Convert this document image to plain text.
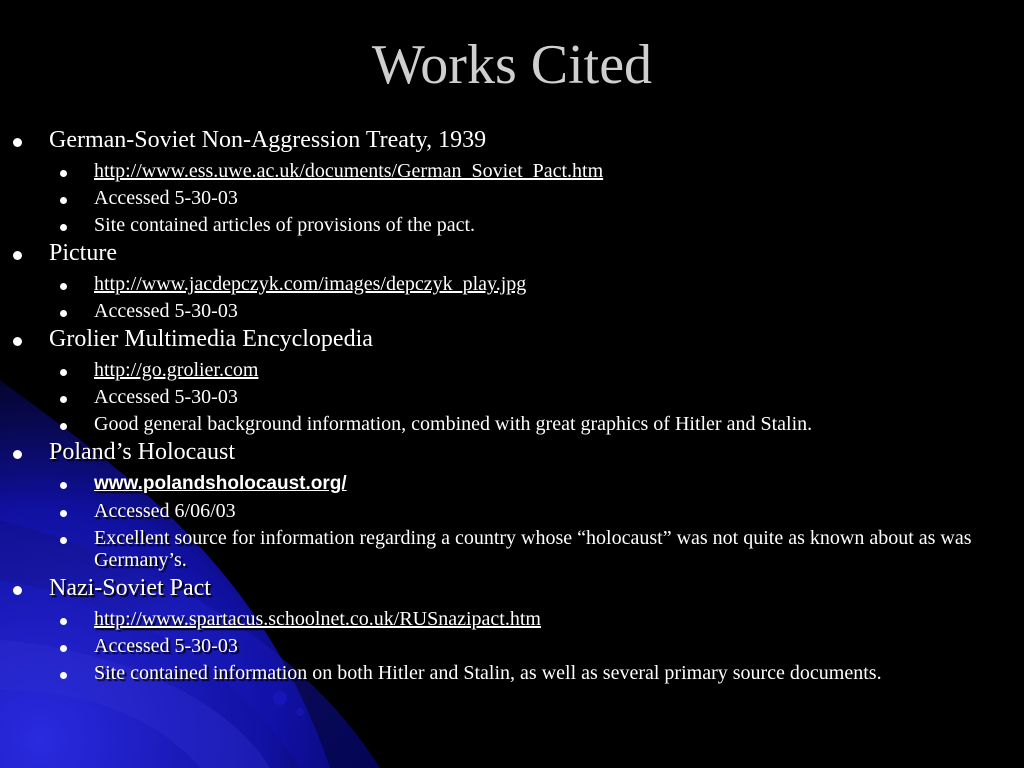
Works Cited
German-Soviet Non-Aggression Treaty, 1939
http://www.ess.uwe.ac.uk/documents/German_Soviet_Pact.htm
Accessed 5-30-03
Site contained articles of provisions of the pact.
Picture
http://www.jacdepczyk.com/images/depczyk_play.jpg
Accessed 5-30-03
Grolier Multimedia Encyclopedia
http://go.grolier.com
Accessed 5-30-03
Good general background information, combined with great graphics of Hitler and Stalin.
Poland’s Holocaust
www.polandsholocaust.org/
Accessed 6/06/03
Excellent source for information regarding a country whose “holocaust” was not quite as known about as was Germany’s.
Nazi-Soviet Pact
http://www.spartacus.schoolnet.co.uk/RUSnazipact.htm
Accessed 5-30-03
Site contained information on both Hitler and Stalin, as well as several primary source documents.
